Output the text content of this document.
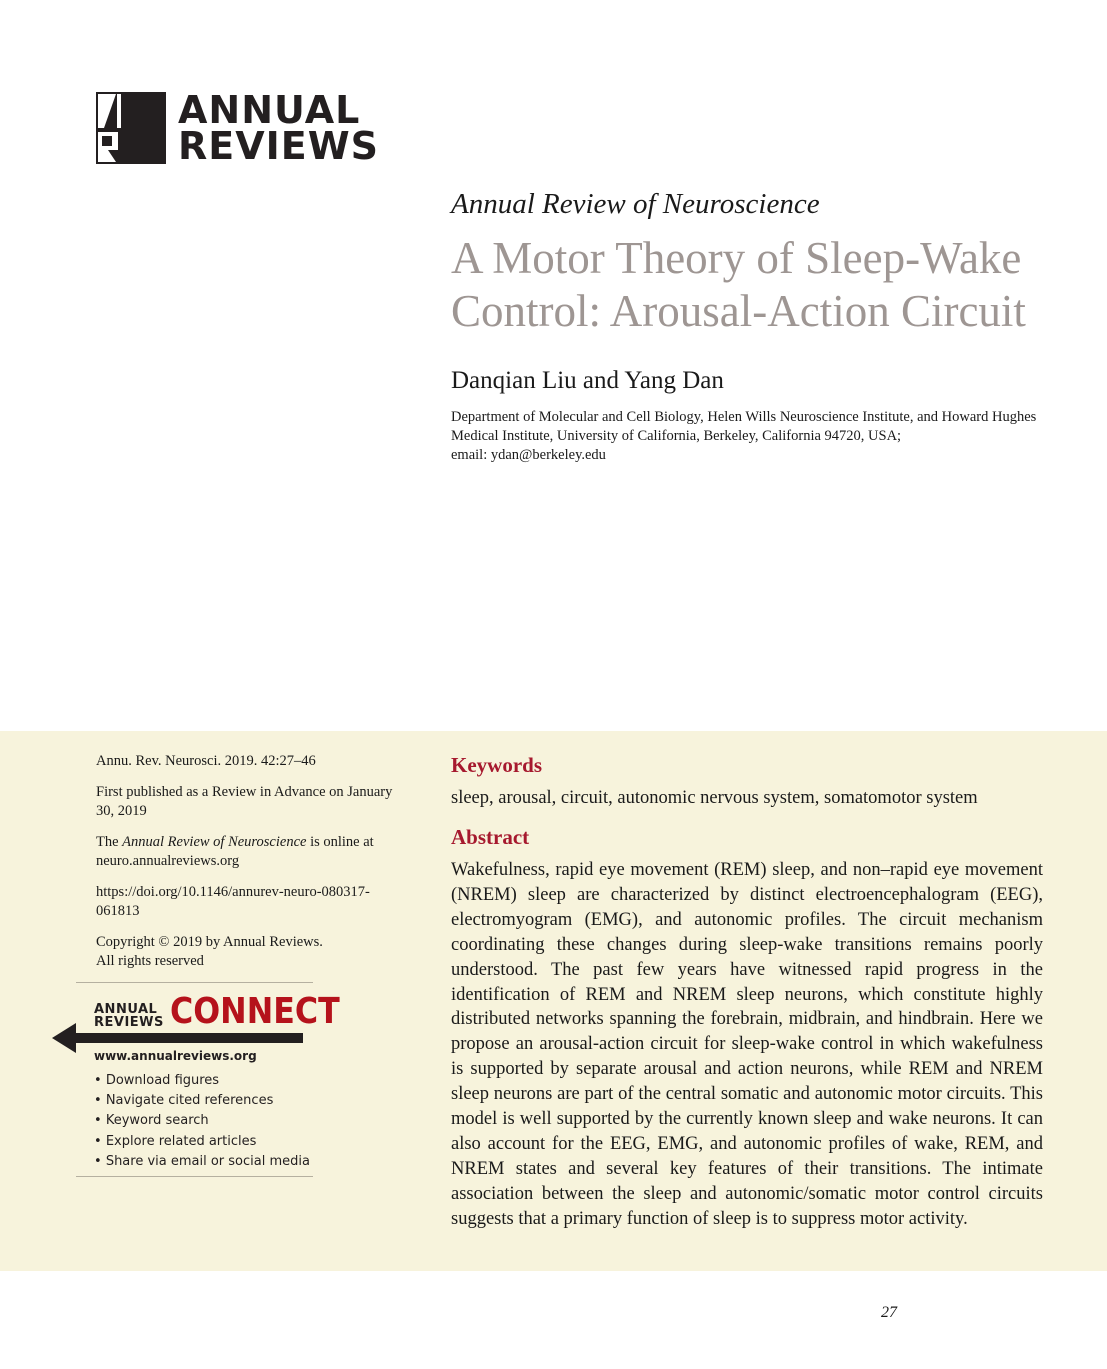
ANNUAL
REVIEWS
Annual Review of Neuroscience
A Motor Theory of Sleep-Wake Control: Arousal-Action Circuit
Danqian Liu and Yang Dan
Department of Molecular and Cell Biology, Helen Wills Neuroscience Institute, and Howard Hughes Medical Institute, University of California, Berkeley, California 94720, USA;
email: ydan@berkeley.edu

Annu. Rev. Neurosci. 2019. 42:27–46

First published as a Review in Advance on January 30, 2019

The Annual Review of Neuroscience is online at neuro.annualreviews.org

https://doi.org/10.1146/annurev-neuro-080317-061813

Copyright © 2019 by Annual Reviews.
All rights reserved
ANNUAL
REVIEWS CONNECT
www.annualreviews.org
• Download figures
• Navigate cited references
• Keyword search
• Explore related articles
• Share via email or social media
Keywords

sleep, arousal, circuit, autonomic nervous system, somatomotor system

Abstract

Wakefulness, rapid eye movement (REM) sleep, and non–rapid eye movement (NREM) sleep are characterized by distinct electroencephalogram (EEG), electromyogram (EMG), and autonomic profiles. The circuit mechanism coordinating these changes during sleep-wake transitions remains poorly understood. The past few years have witnessed rapid progress in the identification of REM and NREM sleep neurons, which constitute highly distributed networks spanning the forebrain, midbrain, and hindbrain. Here we propose an arousal-action circuit for sleep-wake control in which wakefulness is supported by separate arousal and action neurons, while REM and NREM sleep neurons are part of the central somatic and autonomic motor circuits. This model is well supported by the currently known sleep and wake neurons. It can also account for the EEG, EMG, and autonomic profiles of wake, REM, and NREM states and several key features of their transitions. The intimate association between the sleep and autonomic/somatic motor control circuits suggests that a primary function of sleep is to suppress motor activity.

27
